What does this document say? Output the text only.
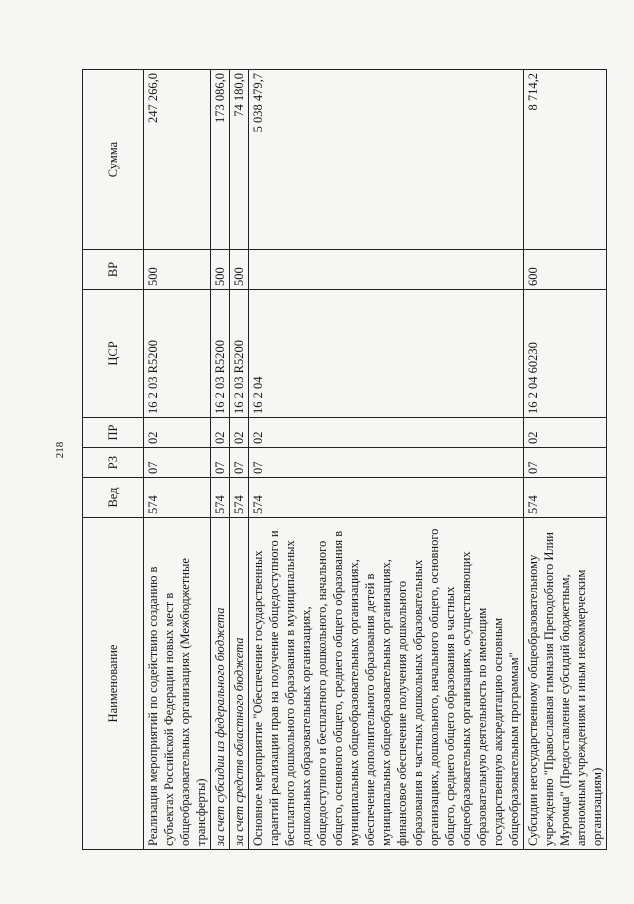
218
Наименование	Вед	РЗ	ПР	ЦСР	ВР	Сумма
Реализация мероприятий по содействию созданию в субъектах Российской Федерации новых мест в общеобразовательных организациях (Межбюджетные трансферты)	574	07	02	16 2 03 R5200	500	247 266,0
за счет субсидии из федерального бюджета	574	07	02	16 2 03 R5200	500	173 086,0
за счет средств областного бюджета	574	07	02	16 2 03 R5200	500	74 180,0
Основное мероприятие "Обеспечение государственных гарантий реализации прав на получение общедоступного и бесплатного дошкольного образования в муниципальных дошкольных образовательных организациях, общедоступного и бесплатного дошкольного, начального общего, основного общего, среднего общего образования в муниципальных общеобразовательных организациях, обеспечение дополнительного образования детей в муниципальных общеобразовательных организациях, финансовое обеспечение получения дошкольного образования в частных дошкольных образовательных организациях, дошкольного, начального общего, основного общего, среднего общего образования в частных общеобразовательных организациях, осуществляющих образовательную деятельность по имеющим государственную аккредитацию основным общеобразовательным программам"	574	07	02	16 2 04		5 038 479,7
Субсидии негосударственному общеобразовательному учреждению "Православная гимназия Преподобного Илии Муромца" (Предоставление субсидий бюджетным, автономным учреждениям и иным некоммерческим организациям)	574	07	02	16 2 04 60230	600	8 714,2
